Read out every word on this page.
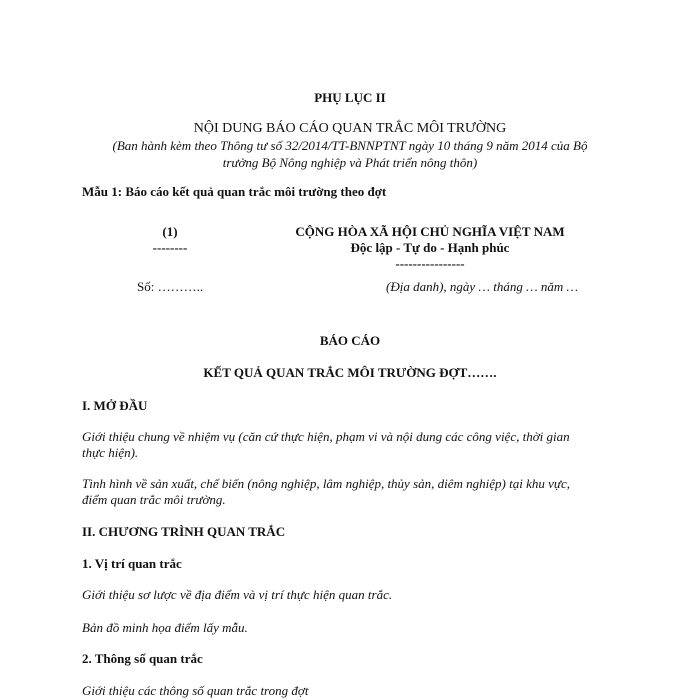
PHỤ LỤC II
NỘI DUNG BÁO CÁO QUAN TRẮC MÔI TRƯỜNG
(Ban hành kèm theo Thông tư số 32/2014/TT-BNNPTNT ngày 10 tháng 9 năm 2014 của Bộ
trưởng Bộ Nông nghiệp và Phát triển nông thôn)
Mẫu 1: Báo cáo kết quả quan trắc môi trường theo đợt
(1)
--------
Số: ………..
CỘNG HÒA XÃ HỘI CHỦ NGHĨA VIỆT NAM
Độc lập - Tự do - Hạnh phúc
----------------
(Địa danh), ngày … tháng … năm …
BÁO CÁO
KẾT QUẢ QUAN TRẮC MÔI TRƯỜNG ĐỢT…….
I. MỞ ĐẦU
Giới thiệu chung về nhiệm vụ (căn cứ thực hiện, phạm vi và nội dung các công việc, thời gian
thực hiện).
Tình hình về sản xuất, chế biến (nông nghiệp, lâm nghiệp, thủy sản, diêm nghiệp) tại khu vực,
điểm quan trắc môi trường.
II. CHƯƠNG TRÌNH QUAN TRẮC
1. Vị trí quan trắc
Giới thiệu sơ lược về địa điểm và vị trí thực hiện quan trắc.
Bản đồ minh họa điểm lấy mẫu.
2. Thông số quan trắc
Giới thiệu các thông số quan trắc trong đợt
